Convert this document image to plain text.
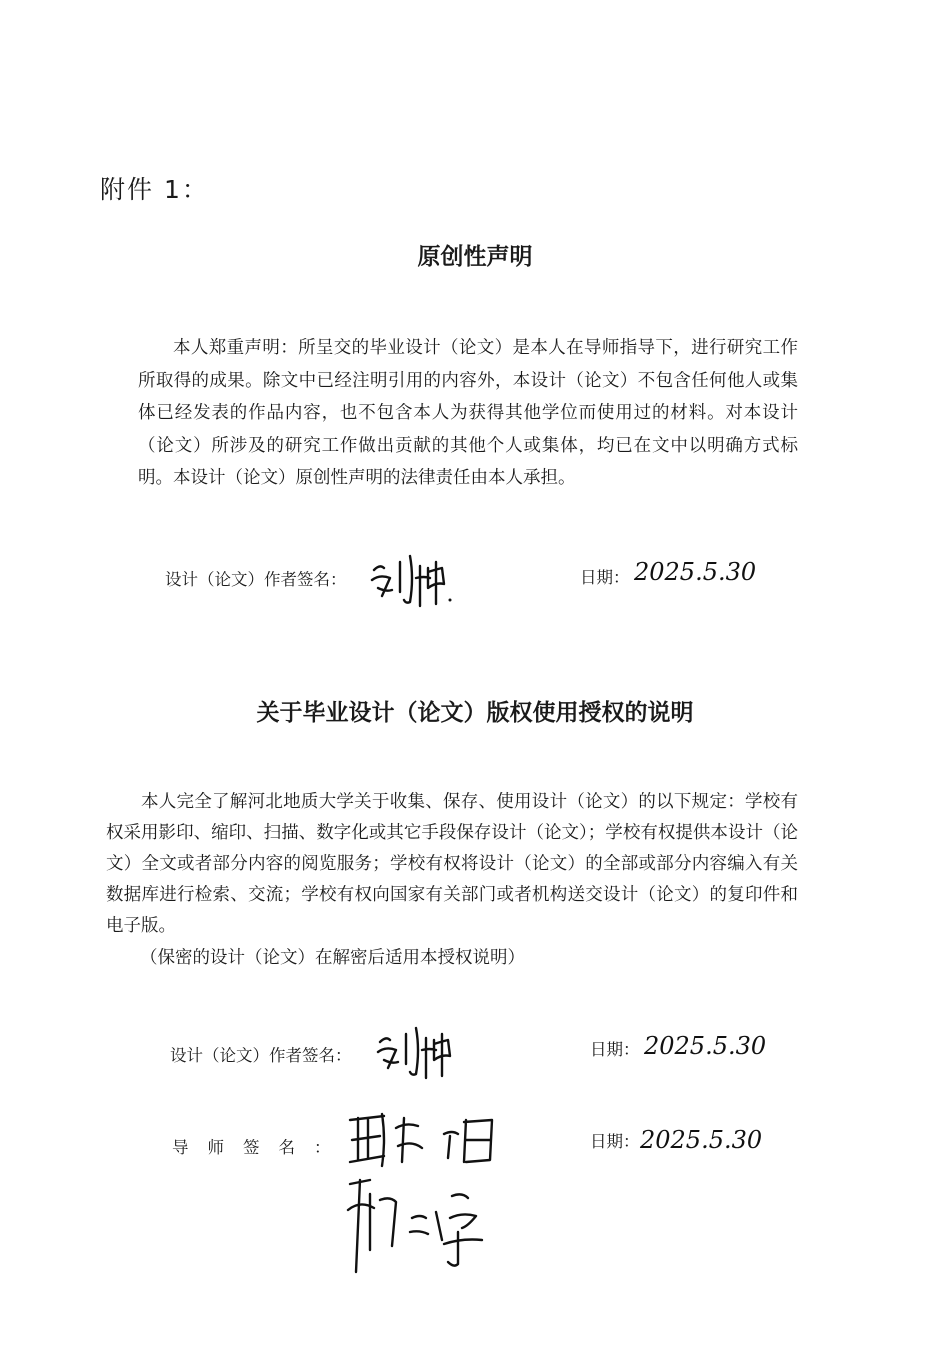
附件 1：
原创性声明
本人郑重声明：所呈交的毕业设计（论文）是本人在导师指导下，进行研究工作所取得的成果。除文中已经注明引用的内容外，本设计（论文）不包含任何他人或集体已经发表的作品内容，也不包含本人为获得其他学位而使用过的材料。对本设计（论文）所涉及的研究工作做出贡献的其他个人或集体，均已在文中以明确方式标明。本设计（论文）原创性声明的法律责任由本人承担。
设计（论文）作者签名：	日期： 2025.5.30
关于毕业设计（论文）版权使用授权的说明
本人完全了解河北地质大学关于收集、保存、使用设计（论文）的以下规定：学校有权采用影印、缩印、扫描、数字化或其它手段保存设计（论文）；学校有权提供本设计（论文）全文或者部分内容的阅览服务；学校有权将设计（论文）的全部或部分内容编入有关数据库进行检索、交流；学校有权向国家有关部门或者机构送交设计（论文）的复印件和电子版。
（保密的设计（论文）在解密后适用本授权说明）
设计（论文）作者签名：	日期： 2025.5.30
导师签名：	日期： 2025.5.30
